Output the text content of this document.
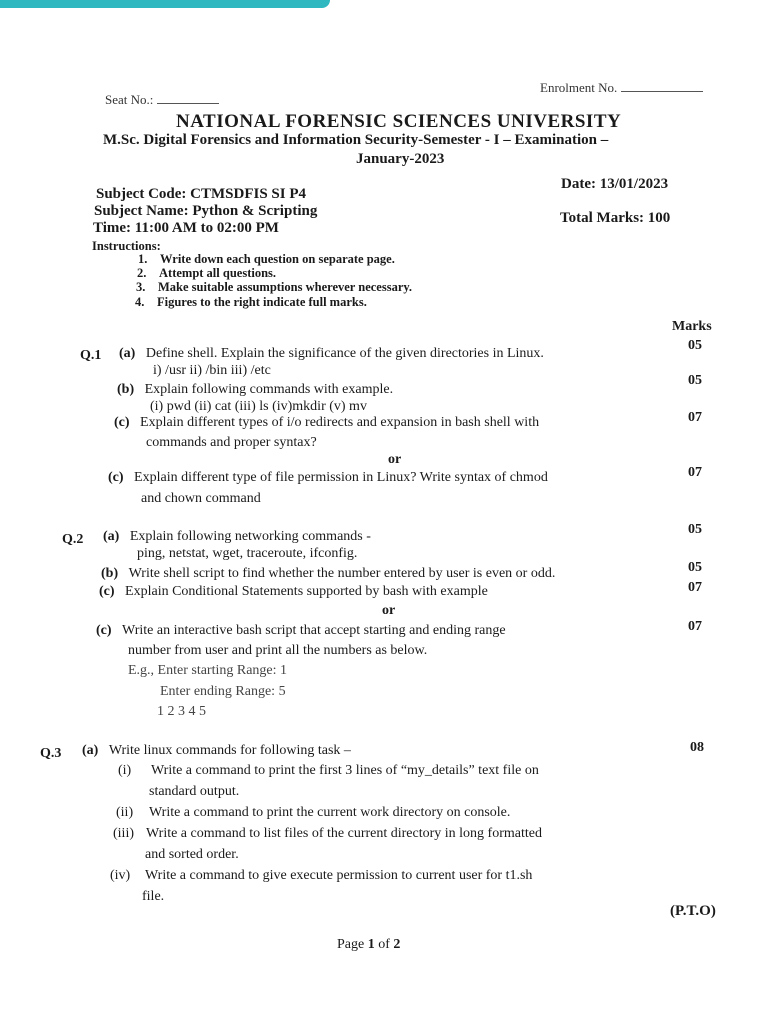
Enrolment No.
Seat No.:
NATIONAL FORENSIC SCIENCES UNIVERSITY
M.Sc. Digital Forensics and Information Security-Semester - I – Examination –
January-2023
Subject Code: CTMSDFIS SI P4
Subject Name: Python & Scripting
Time: 11:00 AM to 02:00 PM
Date: 13/01/2023
Total Marks: 100
Instructions:
1. Write down each question on separate page.
2. Attempt all questions.
3. Make suitable assumptions wherever necessary.
4. Figures to the right indicate full marks.
Marks
Q.1 (a) Define shell. Explain the significance of the given directories in Linux.
i) /usr ii) /bin iii) /etc
05
(b) Explain following commands with example.
(i) pwd (ii) cat (iii) ls (iv)mkdir (v) mv
05
(c) Explain different types of i/o redirects and expansion in bash shell with
commands and proper syntax?
07
or
(c) Explain different type of file permission in Linux? Write syntax of chmod
and chown command
07
Q.2 (a) Explain following networking commands -
ping, netstat, wget, traceroute, ifconfig.
05
(b) Write shell script to find whether the number entered by user is even or odd.	05
(c) Explain Conditional Statements supported by bash with example	07
or
(c) Write an interactive bash script that accept starting and ending range
number from user and print all the numbers as below.
E.g., Enter starting Range: 1
Enter ending Range: 5
1 2 3 4 5
07
Q.3 (a) Write linux commands for following task –	08
(i) Write a command to print the first 3 lines of “my_details” text file on
standard output.
(ii) Write a command to print the current work directory on console.
(iii) Write a command to list files of the current directory in long formatted
and sorted order.
(iv) Write a command to give execute permission to current user for t1.sh
file.
(P.T.O)
Page 1 of 2
